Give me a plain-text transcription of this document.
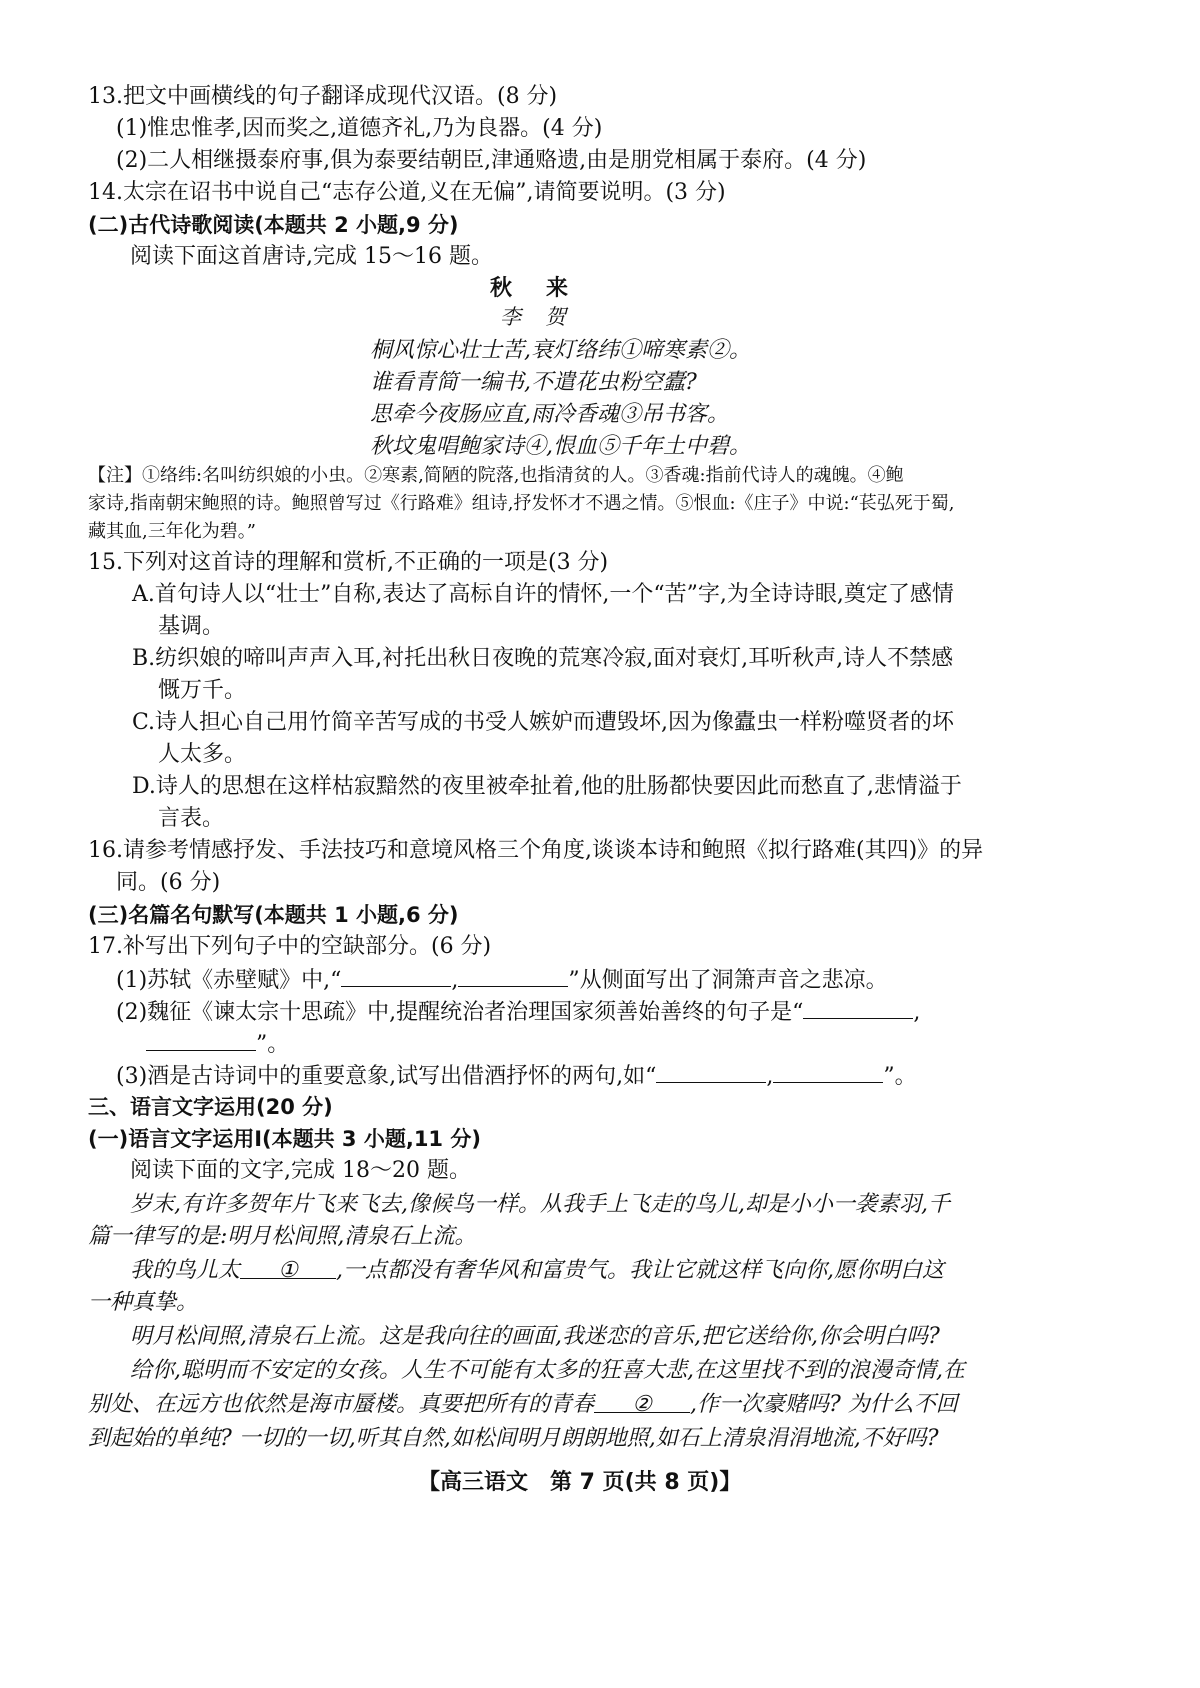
13.把文中画横线的句子翻译成现代汉语。(8 分)
(1)惟忠惟孝,因而奖之,道德齐礼,乃为良器。(4 分)
(2)二人相继摄泰府事,俱为泰要结朝臣,津通赂遗,由是朋党相属于泰府。(4 分)
14.太宗在诏书中说自己“志存公道,义在无偏”,请简要说明。(3 分)
(二)古代诗歌阅读(本题共 2 小题,9 分)
阅读下面这首唐诗,完成 15～16 题。
秋来
李贺
桐风惊心壮士苦,衰灯络纬①啼寒素②。
谁看青简一编书,不遣花虫粉空蠹?
思牵今夜肠应直,雨冷香魂③吊书客。
秋坟鬼唱鲍家诗④,恨血⑤千年土中碧。
【注】①络纬:名叫纺织娘的小虫。②寒素,简陋的院落,也指清贫的人。③香魂:指前代诗人的魂魄。④鲍
家诗,指南朝宋鲍照的诗。鲍照曾写过《行路难》组诗,抒发怀才不遇之情。⑤恨血:《庄子》中说:“苌弘死于蜀,
藏其血,三年化为碧。”
15.下列对这首诗的理解和赏析,不正确的一项是(3 分)
A.首句诗人以“壮士”自称,表达了高标自许的情怀,一个“苦”字,为全诗诗眼,奠定了感情
基调。
B.纺织娘的啼叫声声入耳,衬托出秋日夜晚的荒寒冷寂,面对衰灯,耳听秋声,诗人不禁感
慨万千。
C.诗人担心自己用竹简辛苦写成的书受人嫉妒而遭毁坏,因为像蠹虫一样粉噬贤者的坏
人太多。
D.诗人的思想在这样枯寂黯然的夜里被牵扯着,他的肚肠都快要因此而愁直了,悲情溢于
言表。
16.请参考情感抒发、手法技巧和意境风格三个角度,谈谈本诗和鲍照《拟行路难(其四)》的异
同。(6 分)
(三)名篇名句默写(本题共 1 小题,6 分)
17.补写出下列句子中的空缺部分。(6 分)
(1)苏轼《赤壁赋》中,“	,	”从侧面写出了洞箫声音之悲凉。
(2)魏征《谏太宗十思疏》中,提醒统治者治理国家须善始善终的句子是“	,
”。
(3)酒是古诗词中的重要意象,试写出借酒抒怀的两句,如“	,	”。
三、语言文字运用(20 分)
(一)语言文字运用Ⅰ(本题共 3 小题,11 分)
阅读下面的文字,完成 18～20 题。
岁末,有许多贺年片飞来飞去,像候鸟一样。从我手上飞走的鸟儿,却是小小一袭素羽,千
篇一律写的是:明月松间照,清泉石上流。
我的鸟儿太 ① ,一点都没有奢华风和富贵气。我让它就这样飞向你,愿你明白这
一种真挚。
明月松间照,清泉石上流。这是我向往的画面,我迷恋的音乐,把它送给你,你会明白吗?
给你,聪明而不安定的女孩。人生不可能有太多的狂喜大悲,在这里找不到的浪漫奇情,在
别处、在远方也依然是海市蜃楼。真要把所有的青春 ② ,作一次豪赌吗? 为什么不回
到起始的单纯? 一切的一切,听其自然,如松间明月朗朗地照,如石上清泉涓涓地流,不好吗?
【高三语文　第 7 页(共 8 页)】
